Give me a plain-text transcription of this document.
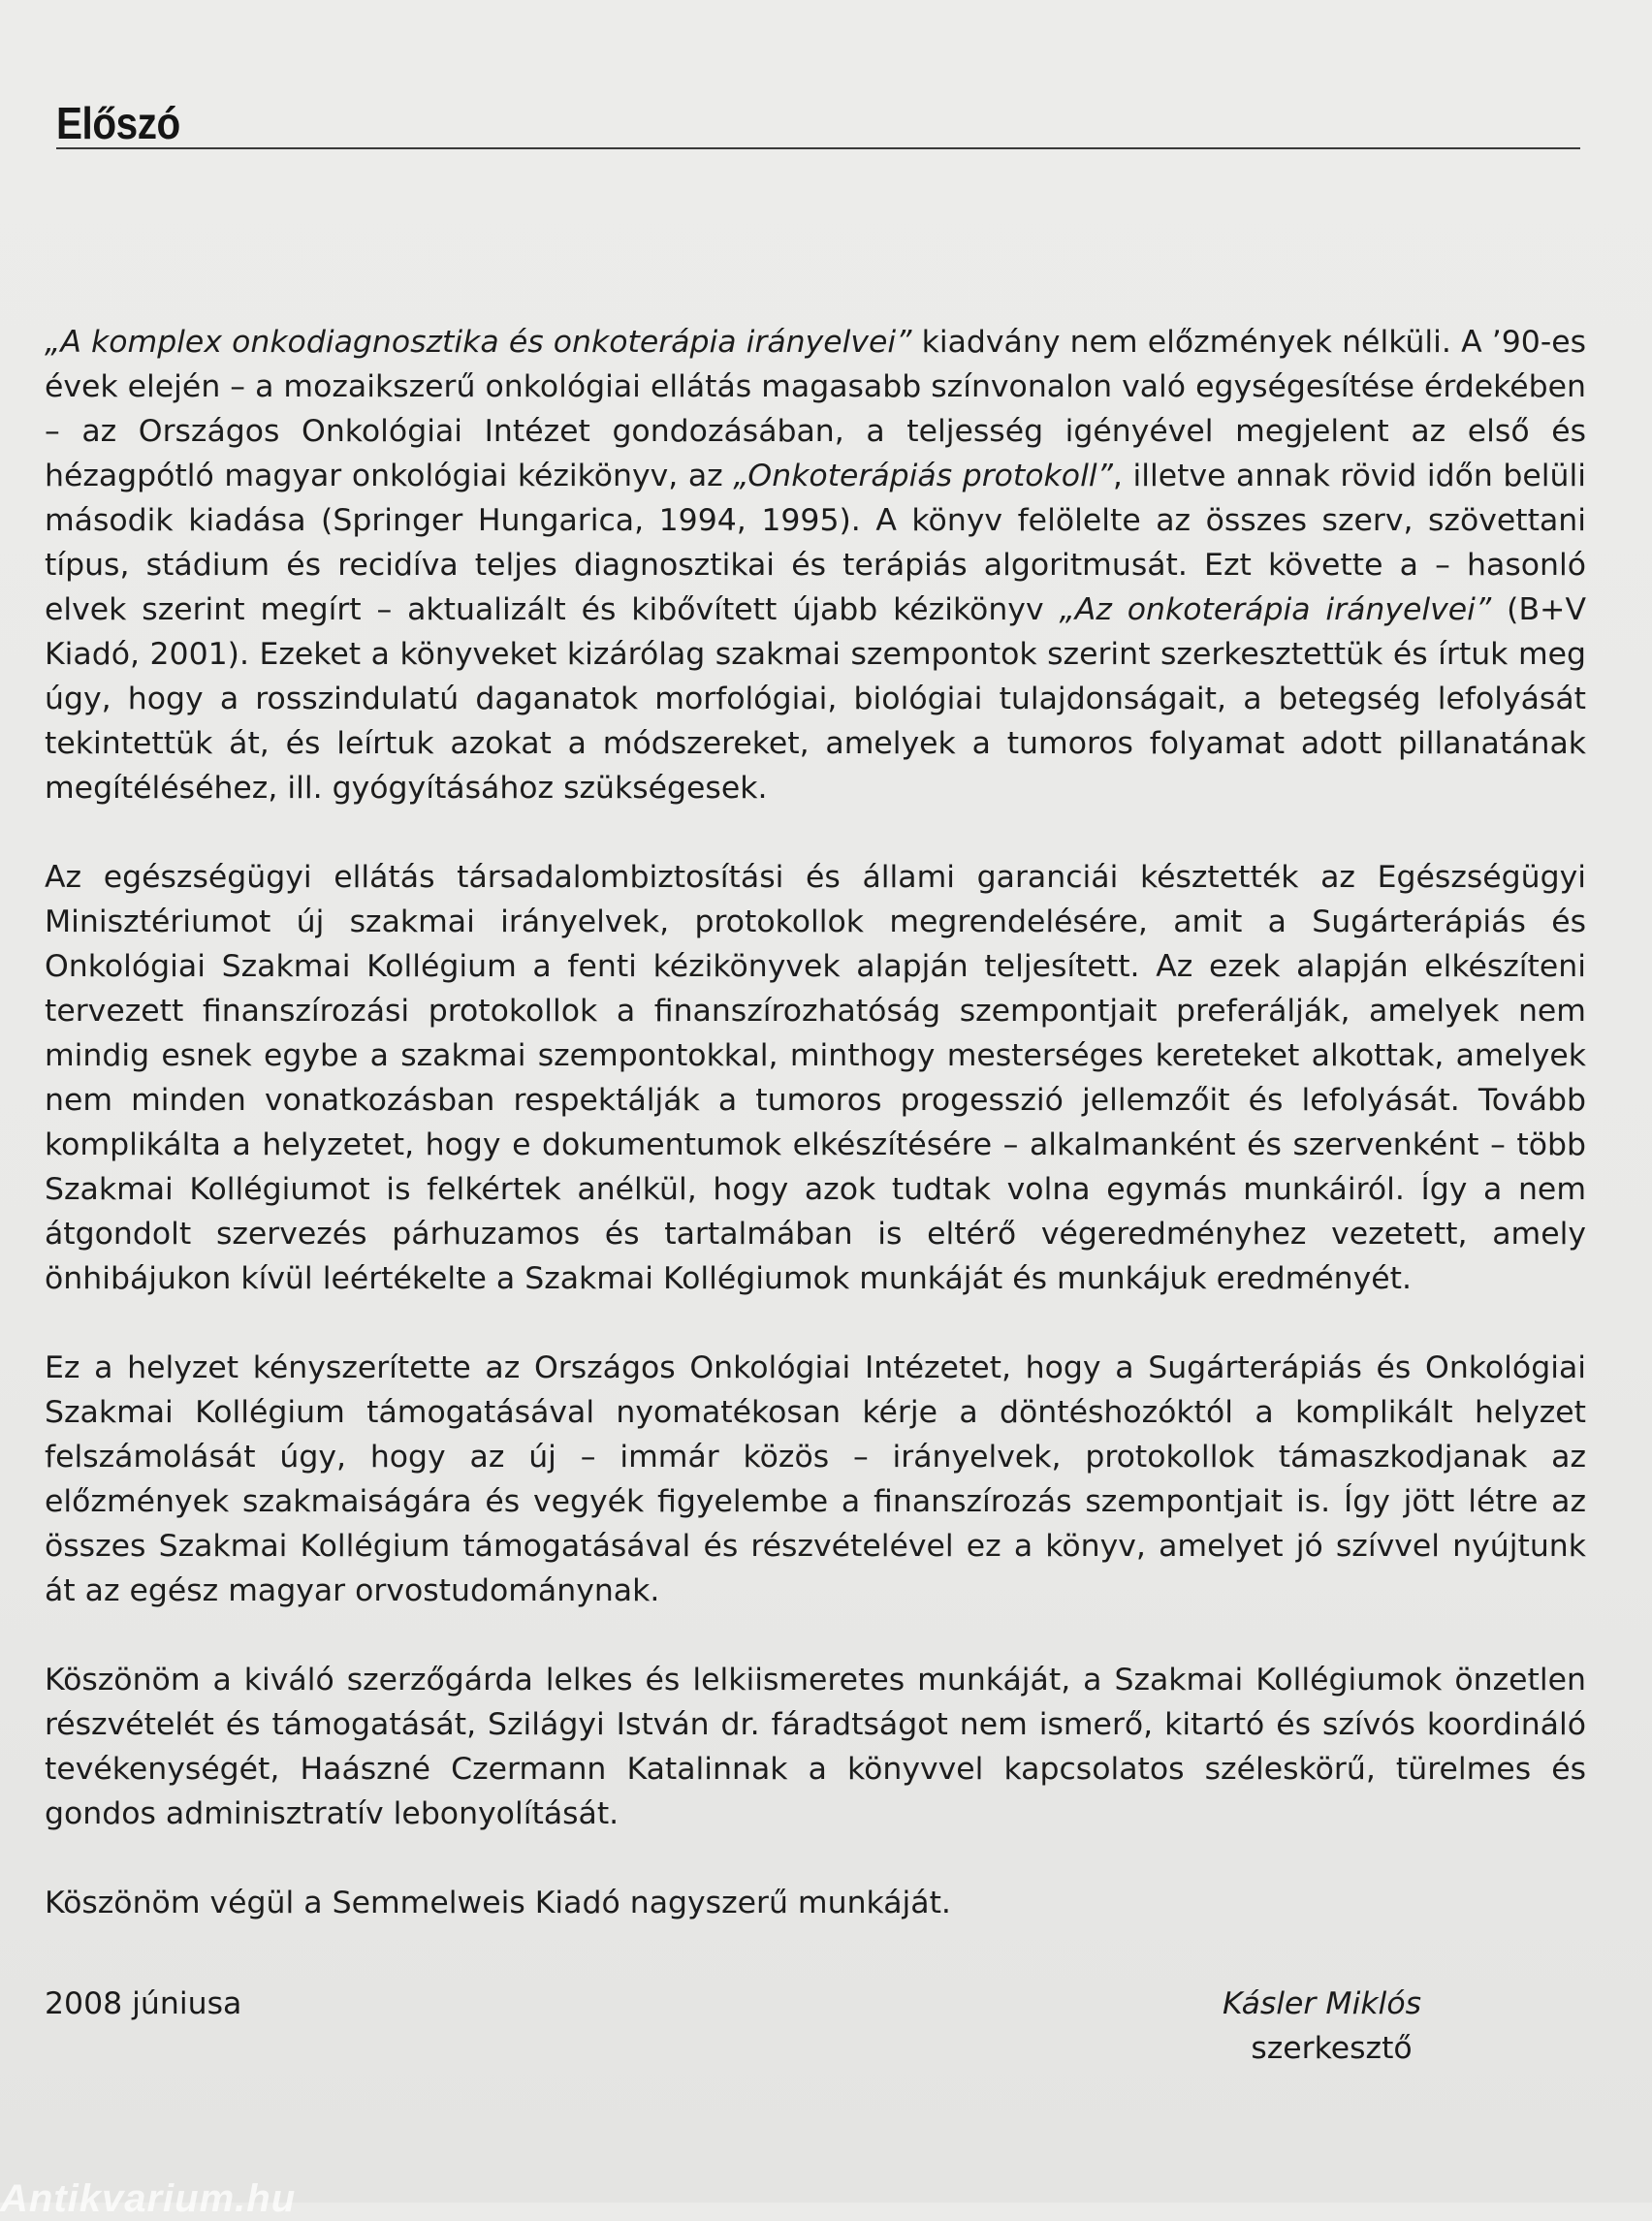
Előszó

„A komplex onkodiagnosztika és onkoterápia irányelvei” kiadvány nem előzmények nélküli. A ’90-es évek elején – a mozaikszerű onkológiai ellátás magasabb színvonalon való egységesítése érdekében – az Országos Onkológiai Intézet gondozásában, a teljesség igényével megjelent az első és hézagpótló magyar onkológiai kézikönyv, az „Onkoterápiás protokoll”, illetve annak rövid időn belüli második kiadása (Springer Hungarica, 1994, 1995). A könyv felölelte az összes szerv, szövettani típus, stádium és recidíva teljes diagnosztikai és terápiás algoritmusát. Ezt követte a – hasonló elvek szerint megírt – aktualizált és kibővített újabb kézikönyv „Az onkoterápia irányelvei” (B+V Kiadó, 2001). Ezeket a könyveket kizárólag szakmai szempontok szerint szerkesztettük és írtuk meg úgy, hogy a rosszindulatú daganatok morfológiai, biológiai tulajdonságait, a betegség lefolyását tekintettük át, és leírtuk azokat a módszereket, amelyek a tumoros folyamat adott pillanatának megítéléséhez, ill. gyógyításához szükségesek.

Az egészségügyi ellátás társadalombiztosítási és állami garanciái késztették az Egészségügyi Minisztériumot új szakmai irányelvek, protokollok megrendelésére, amit a Sugárterápiás és Onkológiai Szakmai Kollégium a fenti kézikönyvek alapján teljesített. Az ezek alapján elkészíteni tervezett finanszírozási protokollok a finanszírozhatóság szempontjait preferálják, amelyek nem mindig esnek egybe a szakmai szempontokkal, minthogy mesterséges kereteket alkottak, amelyek nem minden vonatkozásban respektálják a tumoros progesszió jellemzőit és lefolyását. Tovább komplikálta a helyzetet, hogy e dokumentumok elkészítésére – alkalmanként és szervenként – több Szakmai Kollégiumot is felkértek anélkül, hogy azok tudtak volna egymás munkáiról. Így a nem átgondolt szervezés párhuzamos és tartalmában is eltérő végeredményhez vezetett, amely önhibájukon kívül leértékelte a Szakmai Kollégiumok munkáját és munkájuk eredményét.

Ez a helyzet kényszerítette az Országos Onkológiai Intézetet, hogy a Sugárterápiás és Onkológiai Szakmai Kollégium támogatásával nyomatékosan kérje a döntéshozóktól a komplikált helyzet felszámolását úgy, hogy az új – immár közös – irányelvek, protokollok támaszkodjanak az előzmények szakmaiságára és vegyék figyelembe a finanszírozás szempontjait is. Így jött létre az összes Szakmai Kollégium támogatásával és részvételével ez a könyv, amelyet jó szívvel nyújtunk át az egész magyar orvostudománynak.

Köszönöm a kiváló szerzőgárda lelkes és lelkiismeretes munkáját, a Szakmai Kollégiumok önzetlen részvételét és támogatását, Szilágyi István dr. fáradtságot nem ismerő, kitartó és szívós koordináló tevékenységét, Haászné Czermann Katalinnak a könyvvel kapcsolatos széleskörű, türelmes és gondos adminisztratív lebonyolítását.

Köszönöm végül a Semmelweis Kiadó nagyszerű munkáját.

2008 júniusa	Kásler Miklós
szerkesztő
Antikvarium.hu
